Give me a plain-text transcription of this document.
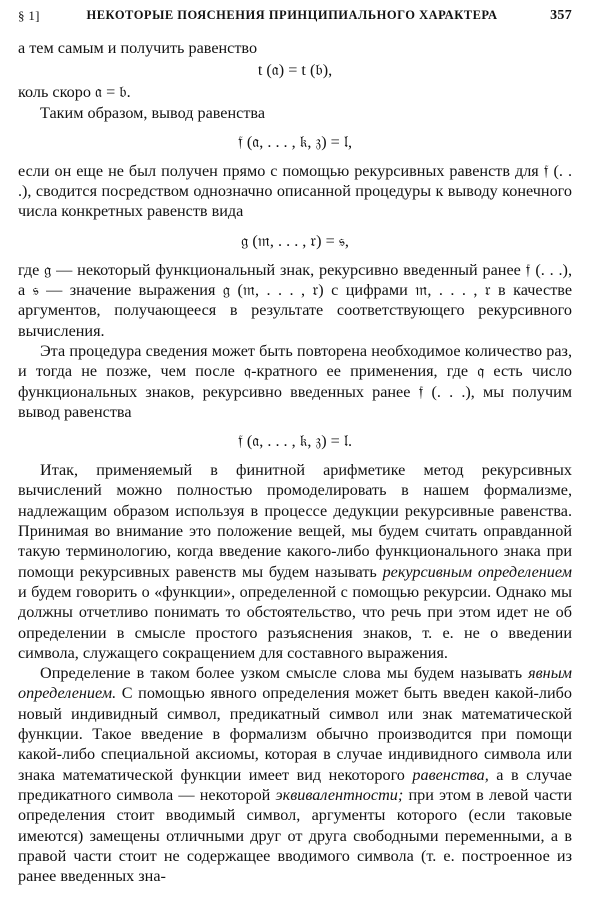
§ 1]	НЕКОТОРЫЕ ПОЯСНЕНИЯ ПРИНЦИПИАЛЬНОГО ХАРАКТЕРА	357

а тем самым и получить равенство

t (𝔞) = t (𝔟),

коль скоро 𝔞 = 𝔟.

Таким образом, вывод равенства

𝔣 (𝔞, . . . , 𝔨, 𝔷) = 𝔩,

если он еще не был получен прямо с помощью рекурсивных равенств для 𝔣 (. . .), сводится посредством однозначно описанной процедуры к выводу конечного числа конкретных равенств вида

𝔤 (𝔪, . . . , 𝔯) = 𝔰,

где 𝔤 — некоторый функциональный знак, рекурсивно введенный ранее 𝔣 (. . .), а 𝔰 — значение выражения 𝔤 (𝔪, . . . , 𝔯) с цифрами 𝔪, . . . , 𝔯 в качестве аргументов, получающееся в результате соответствующего рекурсивного вычисления.

Эта процедура сведения может быть повторена необходимое количество раз, и тогда не позже, чем после 𝔮-кратного ее применения, где 𝔮 есть число функциональных знаков, рекурсивно введенных ранее 𝔣 (. . .), мы получим вывод равенства

𝔣 (𝔞, . . . , 𝔨, 𝔷) = 𝔩.

Итак, применяемый в финитной арифметике метод рекурсивных вычислений можно полностью промоделировать в нашем формализме, надлежащим образом используя в процессе дедукции рекурсивные равенства. Принимая во внимание это положение вещей, мы будем считать оправданной такую терминологию, когда введение какого-либо функционального знака при помощи рекурсивных равенств мы будем называть рекурсивным определением и будем говорить о «функции», определенной с помощью рекурсии. Однако мы должны отчетливо понимать то обстоятельство, что речь при этом идет не об определении в смысле простого разъяснения знаков, т. е. не о введении символа, служащего сокращением для составного выражения.

Определение в таком более узком смысле слова мы будем называть явным определением. С помощью явного определения может быть введен какой-либо новый индивидный символ, предикатный символ или знак математической функции. Такое введение в формализм обычно производится при помощи какой-либо специальной аксиомы, которая в случае индивидного символа или знака математической функции имеет вид некоторого равенства, а в случае предикатного символа — некоторой эквивалентности; при этом в левой части определения стоит вводимый символ, аргументы которого (если таковые имеются) замещены отличными друг от друга свободными переменными, а в правой части стоит не содержащее вводимого символа (т. е. построенное из ранее введенных зна-
